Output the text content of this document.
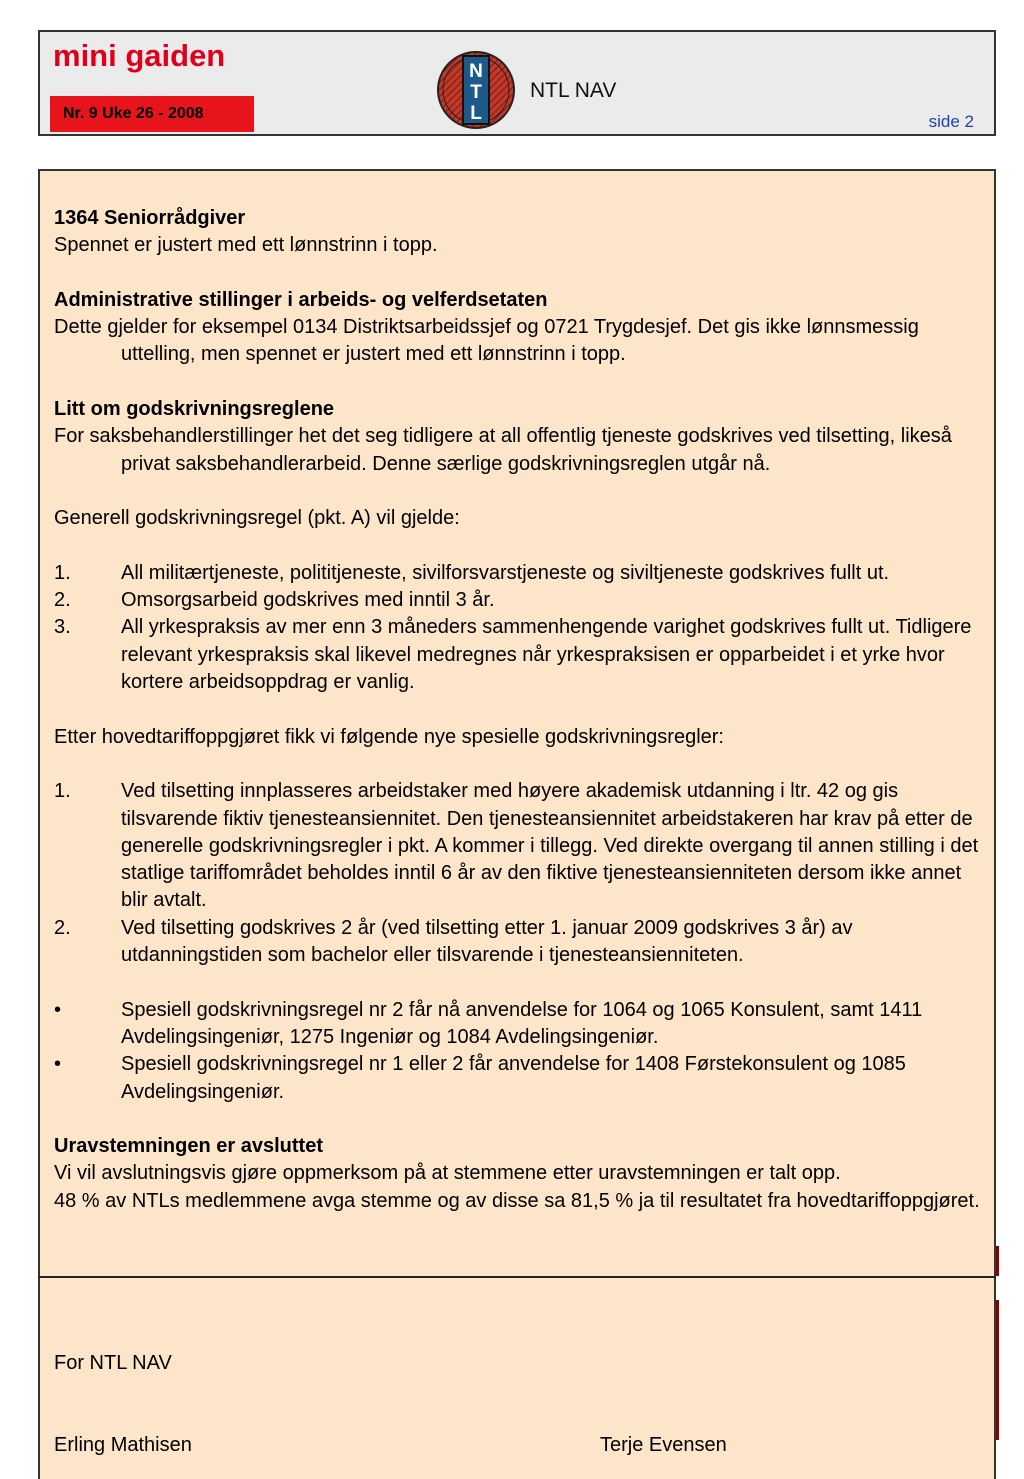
mini gaiden
Nr. 9 Uke 26 - 2008
N
T
L
NTL NAV
side 2

1364 Seniorrådgiver

Spennet er justert med ett lønnstrinn i topp.

Administrative stillinger i arbeids- og velferdsetaten

Dette gjelder for eksempel 0134 Distriktsarbeidssjef og 0721 Trygdesjef. Det gis ikke lønnsmessig uttelling, men spennet er justert med ett lønnstrinn i topp.

Litt om godskrivningsreglene

For saksbehandlerstillinger het det seg tidligere at all offentlig tjeneste godskrives ved tilsetting, likeså privat saksbehandlerarbeid. Denne særlige godskrivningsreglen utgår nå.

Generell godskrivningsregel (pkt. A) vil gjelde:

1.	All militærtjeneste, polititjeneste, sivilforsvarstjeneste og siviltjeneste godskrives fullt ut.
2.	Omsorgsarbeid godskrives med inntil 3 år.
3.	All yrkespraksis av mer enn 3 måneders sammenhengende varighet godskrives fullt ut. Tidligere relevant yrkespraksis skal likevel medregnes når yrkespraksisen er opparbeidet i et yrke hvor kortere arbeidsoppdrag er vanlig.

Etter hovedtariffoppgjøret fikk vi følgende nye spesielle godskrivningsregler:

1.	Ved tilsetting innplasseres arbeidstaker med høyere akademisk utdanning i ltr. 42 og gis tilsvarende fiktiv tjenesteansiennitet. Den tjenesteansiennitet arbeidstakeren har krav på etter de generelle godskrivningsregler i pkt. A kommer i tillegg. Ved direkte overgang til annen stilling i det statlige tariffområdet beholdes inntil 6 år av den fiktive tjenesteansienniteten dersom ikke annet blir avtalt.
2.	Ved tilsetting godskrives 2 år (ved tilsetting etter 1. januar 2009 godskrives 3 år) av utdanningstiden som bachelor eller tilsvarende i tjenesteansienniteten.
•	Spesiell godskrivningsregel nr 2 får nå anvendelse for 1064 og 1065 Konsulent, samt 1411 Avdelingsingeniør, 1275 Ingeniør og 1084 Avdelingsingeniør.
•	Spesiell godskrivningsregel nr 1 eller 2 får anvendelse for 1408 Førstekonsulent og 1085 Avdelingsingeniør.

Uravstemningen er avsluttet

Vi vil avslutningsvis gjøre oppmerksom på at stemmene etter uravstemningen er talt opp.

48 % av NTLs medlemmene avga stemme og av disse sa 81,5 % ja til resultatet fra hovedtariffoppgjøret.

For NTL NAV
Erling Mathisen	Terje Evensen
